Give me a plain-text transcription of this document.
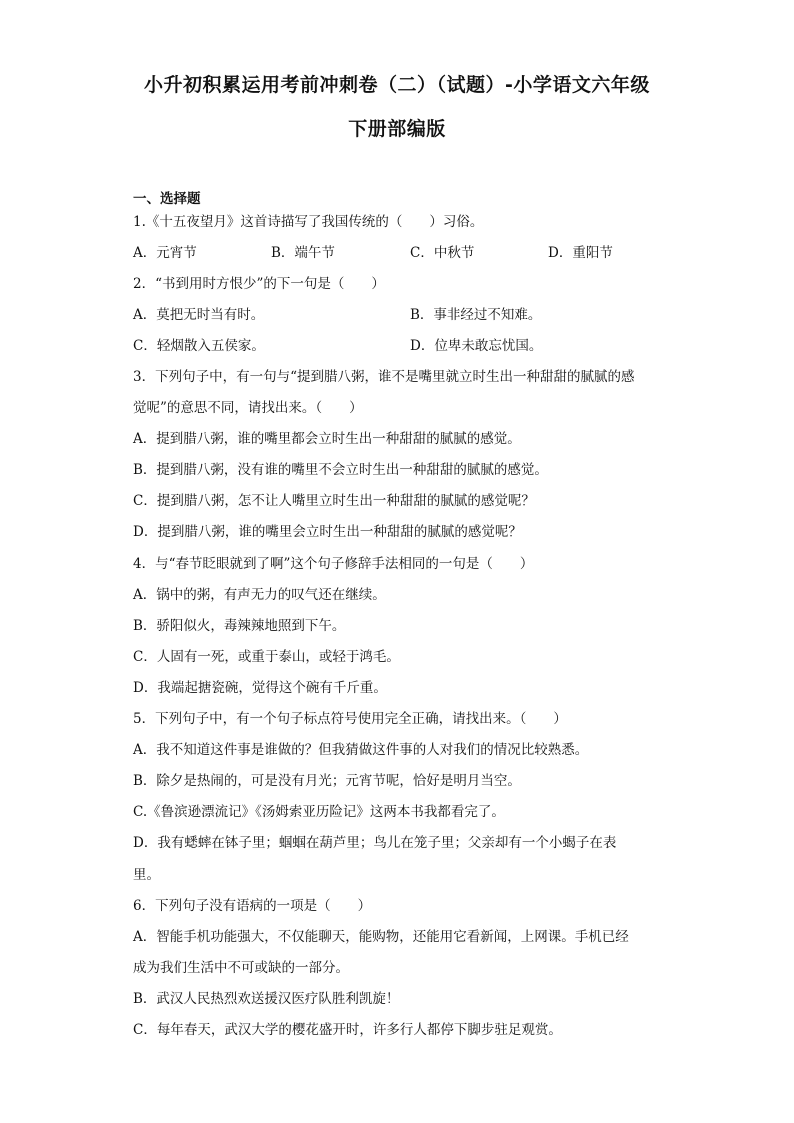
小升初积累运用考前冲刺卷（二）（试题）-小学语文六年级
下册部编版
一、选择题
1.《十五夜望月》这首诗描写了我国传统的（　　）习俗。
A．元宵节	B．端午节	C．中秋节	D．重阳节
2．“书到用时方恨少”的下一句是（　　）
A．莫把无时当有时。	B．事非经过不知难。
C．轻烟散入五侯家。	D．位卑未敢忘忧国。
3．下列句子中，有一句与“提到腊八粥，谁不是嘴里就立时生出一种甜甜的腻腻的感
觉呢”的意思不同，请找出来。（　　）
A．提到腊八粥，谁的嘴里都会立时生出一种甜甜的腻腻的感觉。
B．提到腊八粥，没有谁的嘴里不会立时生出一种甜甜的腻腻的感觉。
C．提到腊八粥，怎不让人嘴里立时生出一种甜甜的腻腻的感觉呢？
D．提到腊八粥，谁的嘴里会立时生出一种甜甜的腻腻的感觉呢？
4．与“春节眨眼就到了啊”这个句子修辞手法相同的一句是（　　）
A．锅中的粥，有声无力的叹气还在继续。
B．骄阳似火，毒辣辣地照到下午。
C．人固有一死，或重于泰山，或轻于鸿毛。
D．我端起搪瓷碗，觉得这个碗有千斤重。
5．下列句子中，有一个句子标点符号使用完全正确，请找出来。（　　）
A．我不知道这件事是谁做的？但我猜做这件事的人对我们的情况比较熟悉。
B．除夕是热闹的，可是没有月光；元宵节呢，恰好是明月当空。
C.《鲁滨逊漂流记》《汤姆索亚历险记》这两本书我都看完了。
D．我有蟋蟀在钵子里；蝈蝈在葫芦里；鸟儿在笼子里；父亲却有一个小蝎子在表
里。
6．下列句子没有语病的一项是（　　）
A．智能手机功能强大，不仅能聊天，能购物，还能用它看新闻，上网课。手机已经
成为我们生活中不可或缺的一部分。
B．武汉人民热烈欢送援汉医疗队胜利凯旋！
C．每年春天，武汉大学的樱花盛开时，许多行人都停下脚步驻足观赏。
